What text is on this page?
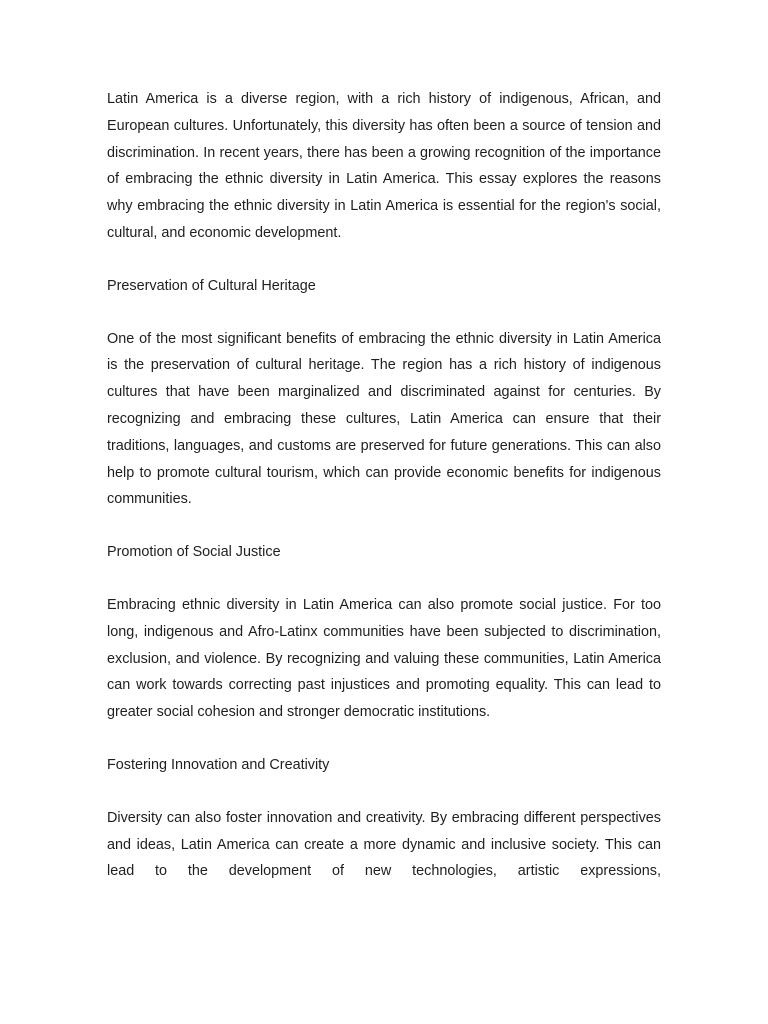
Latin America is a diverse region, with a rich history of indigenous, African, and European cultures. Unfortunately, this diversity has often been a source of tension and discrimination. In recent years, there has been a growing recognition of the importance of embracing the ethnic diversity in Latin America. This essay explores the reasons why embracing the ethnic diversity in Latin America is essential for the region's social, cultural, and economic development.

Preservation of Cultural Heritage

One of the most significant benefits of embracing the ethnic diversity in Latin America is the preservation of cultural heritage. The region has a rich history of indigenous cultures that have been marginalized and discriminated against for centuries. By recognizing and embracing these cultures, Latin America can ensure that their traditions, languages, and customs are preserved for future generations. This can also help to promote cultural tourism, which can provide economic benefits for indigenous communities.

Promotion of Social Justice

Embracing ethnic diversity in Latin America can also promote social justice. For too long, indigenous and Afro-Latinx communities have been subjected to discrimination, exclusion, and violence. By recognizing and valuing these communities, Latin America can work towards correcting past injustices and promoting equality. This can lead to greater social cohesion and stronger democratic institutions.

Fostering Innovation and Creativity

Diversity can also foster innovation and creativity. By embracing different perspectives and ideas, Latin America can create a more dynamic and inclusive society. This can lead to the development of new technologies, artistic expressions,
